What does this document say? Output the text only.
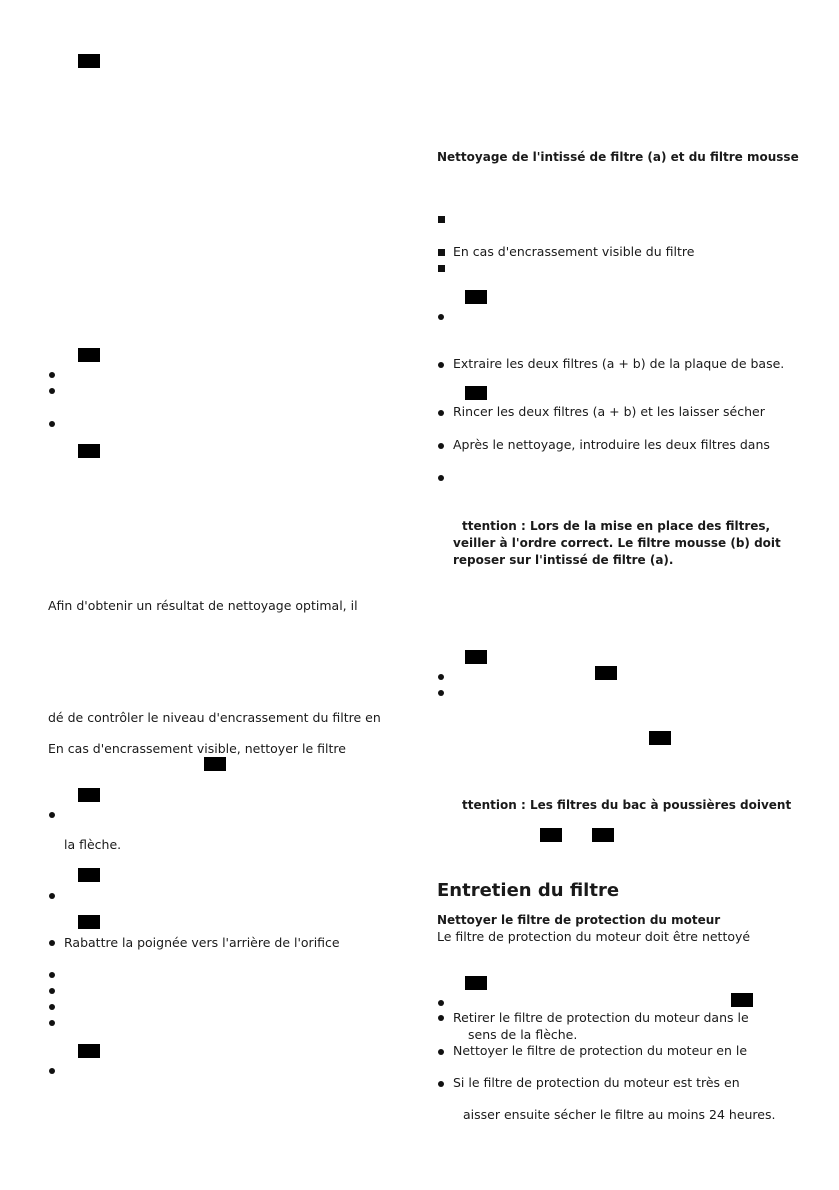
Afin d'obtenir un résultat de nettoyage optimal, il
dé de contrôler le niveau d'encrassement du filtre en
En cas d'encrassement visible, nettoyer le filtre
la flèche.
Rabattre la poignée vers l'arrière de l'orifice
Nettoyage de l'intissé de filtre (a) et du filtre mousse
En cas d'encrassement visible du filtre
Extraire les deux filtres (a + b) de la plaque de base.
Rincer les deux filtres (a + b) et les laisser sécher
Après le nettoyage, introduire les deux filtres dans
ttention : Lors de la mise en place des filtres,
veiller à l'ordre correct. Le filtre mousse (b) doit
reposer sur l'intissé de filtre (a).
ttention : Les filtres du bac à poussières doivent
Entretien du filtre
Nettoyer le filtre de protection du moteur
Le filtre de protection du moteur doit être nettoyé
Retirer le filtre de protection du moteur dans le
sens de la flèche.
Nettoyer le filtre de protection du moteur en le
Si le filtre de protection du moteur est très en
aisser ensuite sécher le filtre au moins 24 heures.
